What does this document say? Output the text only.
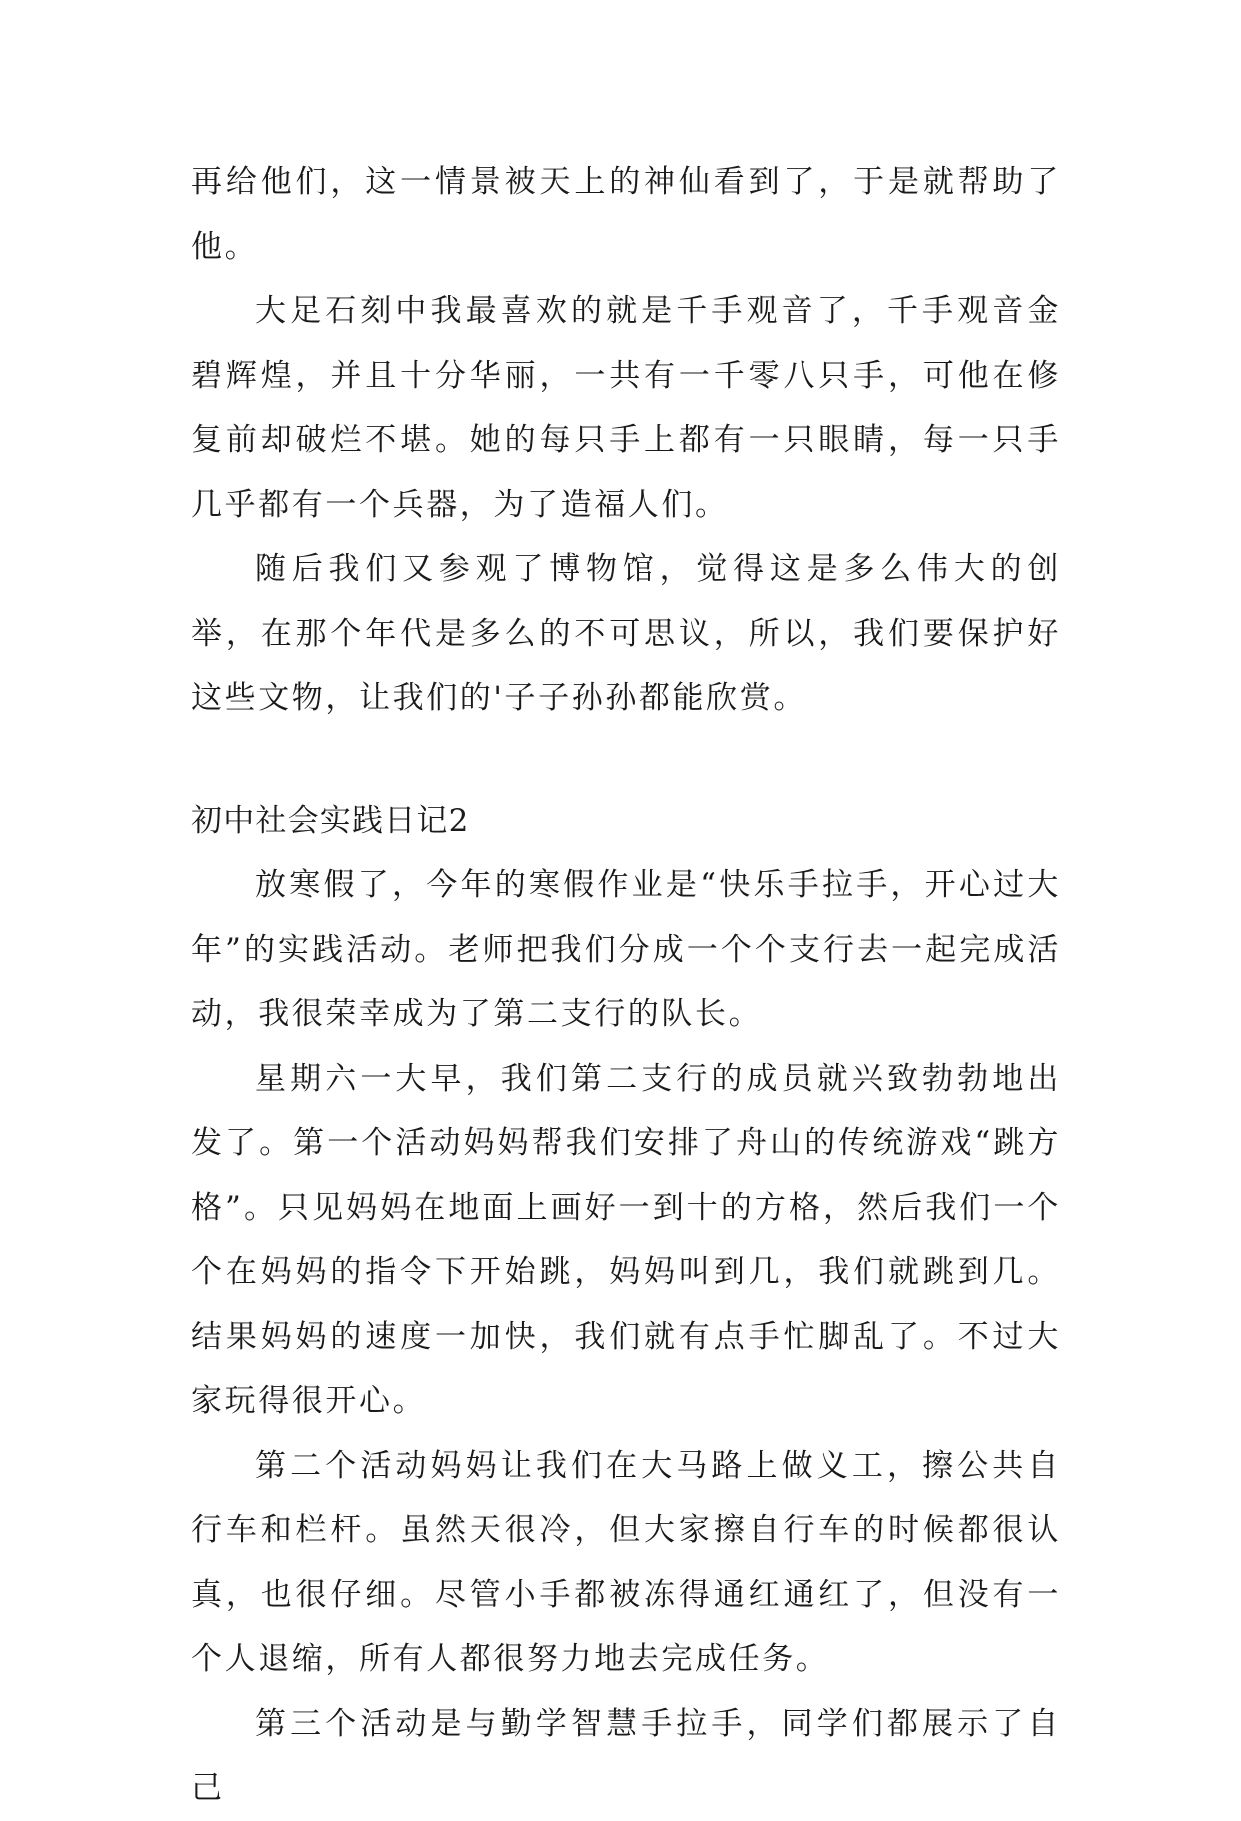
再给他们，这一情景被天上的神仙看到了，于是就帮助了他。

大足石刻中我最喜欢的就是千手观音了，千手观音金碧辉煌，并且十分华丽，一共有一千零八只手，可他在修复前却破烂不堪。她的每只手上都有一只眼睛，每一只手几乎都有一个兵器，为了造福人们。

随后我们又参观了博物馆，觉得这是多么伟大的创举，在那个年代是多么的不可思议，所以，我们要保护好这些文物，让我们的'子子孙孙都能欣赏。

初中社会实践日记2

放寒假了，今年的寒假作业是“快乐手拉手，开心过大年”的实践活动。老师把我们分成一个个支行去一起完成活动，我很荣幸成为了第二支行的队长。

星期六一大早，我们第二支行的成员就兴致勃勃地出发了。第一个活动妈妈帮我们安排了舟山的传统游戏“跳方格”。只见妈妈在地面上画好一到十的方格，然后我们一个个在妈妈的指令下开始跳，妈妈叫到几，我们就跳到几。结果妈妈的速度一加快，我们就有点手忙脚乱了。不过大家玩得很开心。

第二个活动妈妈让我们在大马路上做义工，擦公共自行车和栏杆。虽然天很冷，但大家擦自行车的时候都很认真，也很仔细。尽管小手都被冻得通红通红了，但没有一个人退缩，所有人都很努力地去完成任务。

第三个活动是与勤学智慧手拉手，同学们都展示了自己
